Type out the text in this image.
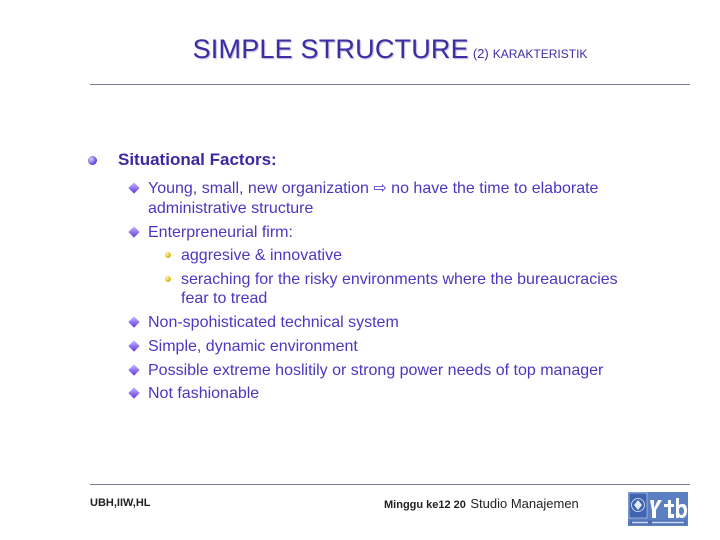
SIMPLE STRUCTURE (2) KARAKTERISTIK
Situational Factors:
Young, small, new organization ⇨ no have the time to elaborate
administrative structure
Enterpreneurial firm:
aggresive & innovative
seraching for the risky environments where the bureaucracies
fear to tread
Non-spohisticated technical system
Simple, dynamic environment
Possible extreme hoslitily or strong power needs of top manager
Not fashionable
UBH,IIW,HL	Minggu ke12 20 Studio Manajemen
